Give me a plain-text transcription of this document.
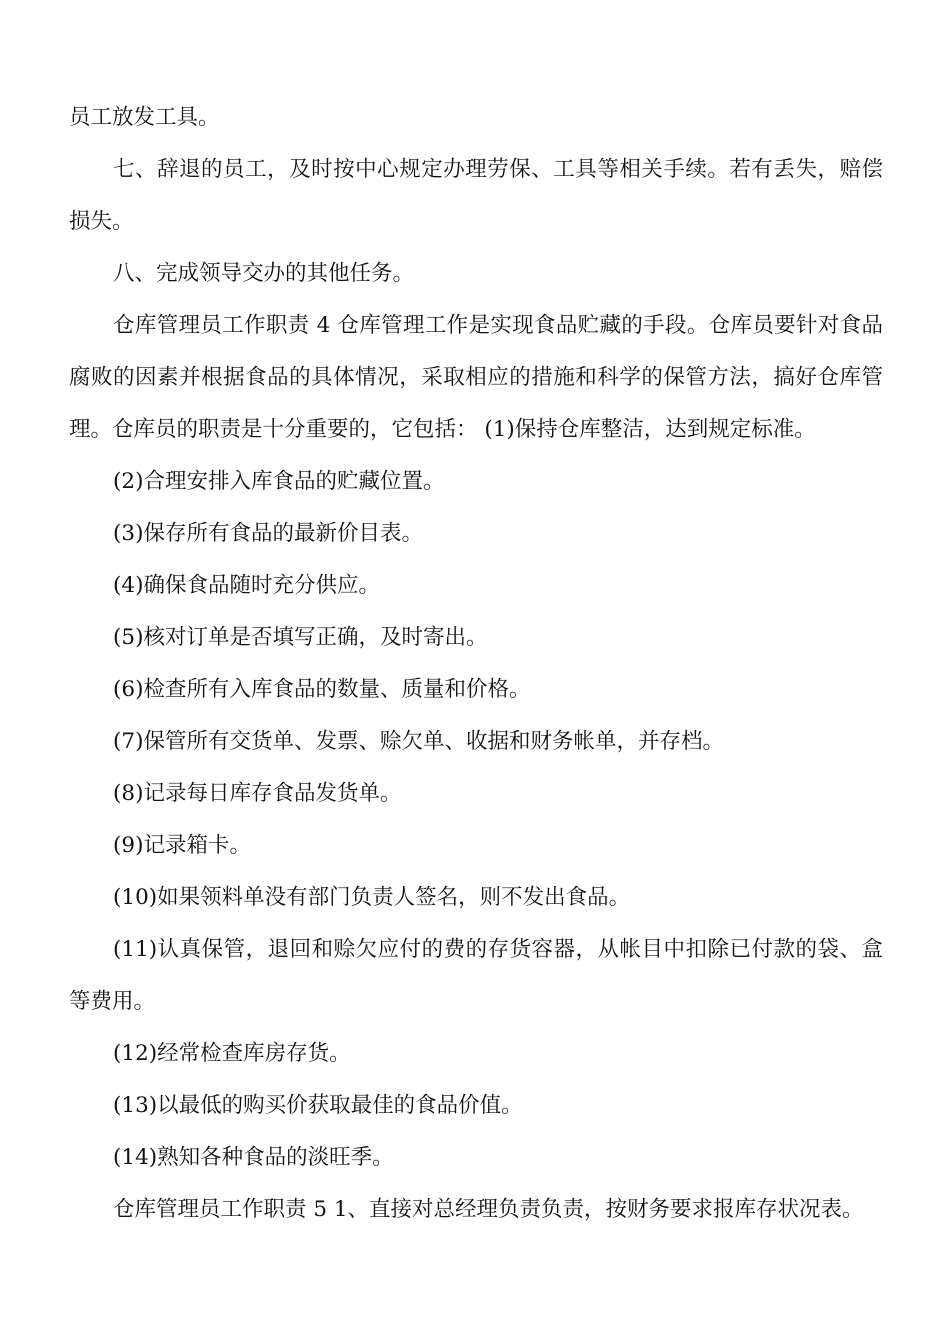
员工放发工具。

七、辞退的员工，及时按中心规定办理劳保、工具等相关手续。若有丢失，赔偿损失。

八、完成领导交办的其他任务。

仓库管理员工作职责 4 仓库管理工作是实现食品贮藏的手段。仓库员要针对食品腐败的因素并根据食品的具体情况，采取相应的措施和科学的保管方法，搞好仓库管理。仓库员的职责是十分重要的，它包括： (1)保持仓库整洁，达到规定标准。

(2)合理安排入库食品的贮藏位置。

(3)保存所有食品的最新价目表。

(4)确保食品随时充分供应。

(5)核对订单是否填写正确，及时寄出。

(6)检查所有入库食品的数量、质量和价格。

(7)保管所有交货单、发票、赊欠单、收据和财务帐单，并存档。

(8)记录每日库存食品发货单。

(9)记录箱卡。

(10)如果领料单没有部门负责人签名，则不发出食品。

(11)认真保管，退回和赊欠应付的费的存货容器，从帐目中扣除已付款的袋、盒等费用。

(12)经常检查库房存货。

(13)以最低的购买价获取最佳的食品价值。

(14)熟知各种食品的淡旺季。

仓库管理员工作职责 5 1、直接对总经理负责负责，按财务要求报库存状况表。
